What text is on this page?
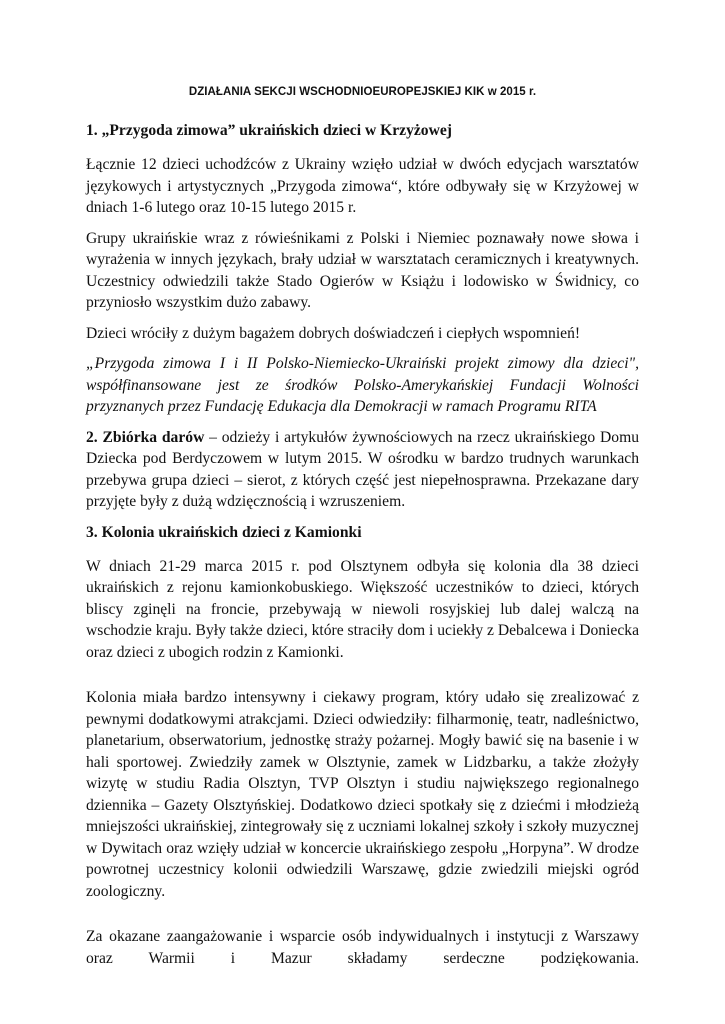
DZIAŁANIA SEKCJI WSCHODNIOEUROPEJSKIEJ KIK w 2015 r.
1. „Przygoda zimowa” ukraińskich dzieci w Krzyżowej

Łącznie 12 dzieci uchodźców z Ukrainy wzięło udział w dwóch edycjach warsztatów językowych i artystycznych „Przygoda zimowa“, które odbywały się w Krzyżowej w dniach 1-6 lutego oraz 10-15 lutego 2015 r.

Grupy ukraińskie wraz z rówieśnikami z Polski i Niemiec poznawały nowe słowa i wyrażenia w innych językach, brały udział w warsztatach ceramicznych i kreatywnych. Uczestnicy odwiedzili także Stado Ogierów w Książu i lodowisko w Świdnicy, co przyniosło wszystkim dużo zabawy.

Dzieci wróciły z dużym bagażem dobrych doświadczeń i ciepłych wspomnień!

„Przygoda zimowa I i II Polsko-Niemiecko-Ukraiński projekt zimowy dla dzieci", współfinansowane jest ze środków Polsko-Amerykańskiej Fundacji Wolności przyznanych przez Fundację Edukacja dla Demokracji w ramach Programu RITA

2. Zbiórka darów – odzieży i artykułów żywnościowych na rzecz ukraińskiego Domu Dziecka pod Berdyczowem w lutym 2015. W ośrodku w bardzo trudnych warunkach przebywa grupa dzieci – sierot, z których część jest niepełnosprawna. Przekazane dary przyjęte były z dużą wdzięcznością i wzruszeniem.

3. Kolonia ukraińskich dzieci z Kamionki

W dniach 21-29 marca 2015 r. pod Olsztynem odbyła się kolonia dla 38 dzieci ukraińskich z rejonu kamionkobuskiego. Większość uczestników to dzieci, których bliscy zginęli na froncie, przebywają w niewoli rosyjskiej lub dalej walczą na wschodzie kraju. Były także dzieci, które straciły dom i uciekły z Debalcewa i Doniecka oraz dzieci z ubogich rodzin z Kamionki.

Kolonia miała bardzo intensywny i ciekawy program, który udało się zrealizować z pewnymi dodatkowymi atrakcjami. Dzieci odwiedziły: filharmonię, teatr, nadleśnictwo, planetarium, obserwatorium, jednostkę straży pożarnej. Mogły bawić się na basenie i w hali sportowej. Zwiedziły zamek w Olsztynie, zamek w Lidzbarku, a także złożyły wizytę w studiu Radia Olsztyn, TVP Olsztyn i studiu największego regionalnego dziennika – Gazety Olsztyńskiej. Dodatkowo dzieci spotkały się z dziećmi i młodzieżą mniejszości ukraińskiej, zintegrowały się z uczniami lokalnej szkoły i szkoły muzycznej w Dywitach oraz wzięły udział w koncercie ukraińskiego zespołu „Horpyna”. W drodze powrotnej uczestnicy kolonii odwiedzili Warszawę, gdzie zwiedzili miejski ogród zoologiczny.

Za okazane zaangażowanie i wsparcie osób indywidualnych i instytucji z Warszawy oraz Warmii i Mazur składamy serdeczne podziękowania.
